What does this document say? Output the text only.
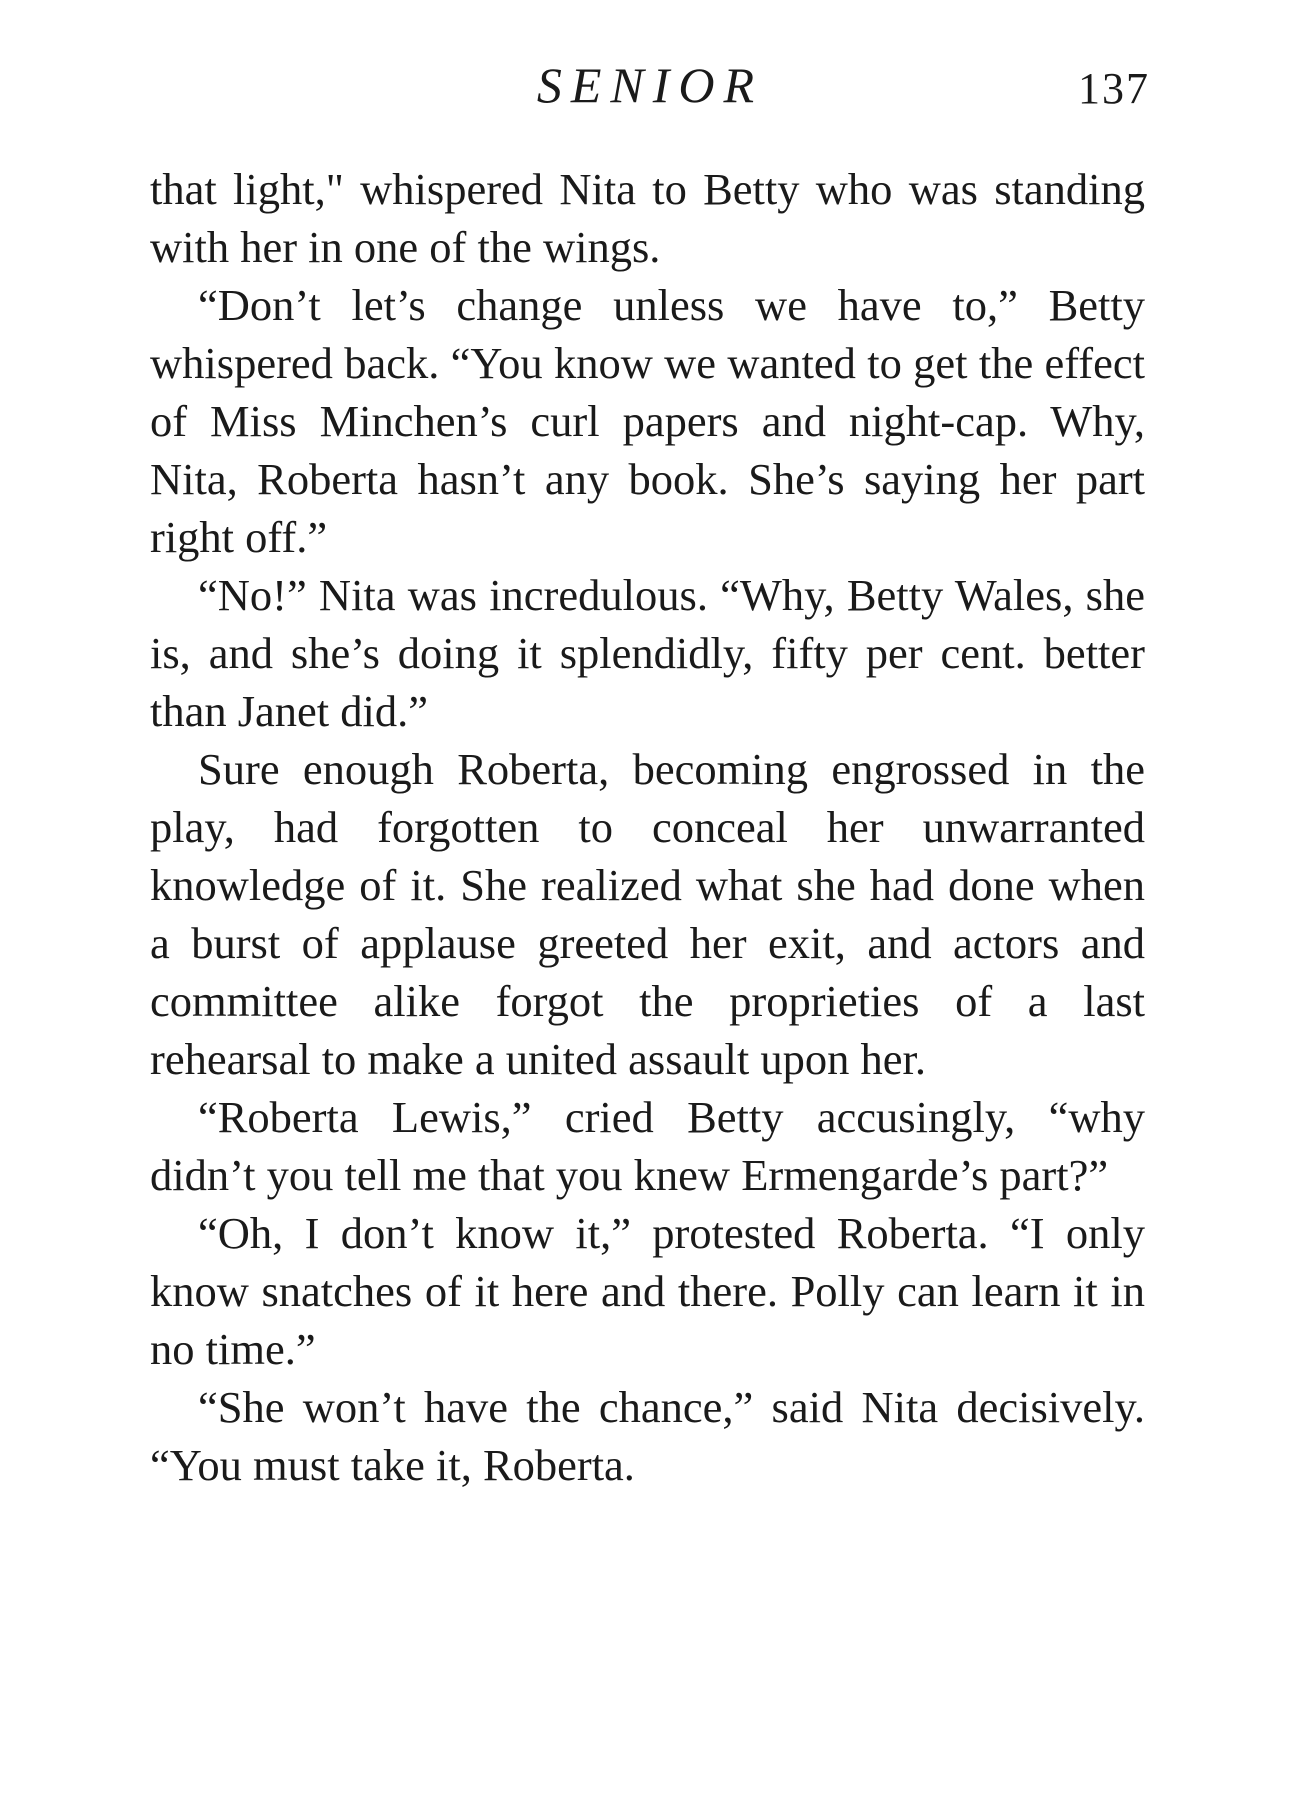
SENIOR	137

that light," whispered Nita to Betty who was standing with her in one of the wings.

“Don’t let’s change unless we have to,” Betty whispered back. “You know we wanted to get the effect of Miss Minchen’s curl papers and night-cap. Why, Nita, Roberta hasn’t any book. She’s saying her part right off.”

“No!” Nita was incredulous. “Why, Betty Wales, she is, and she’s doing it splendidly, fifty per cent. better than Janet did.”

Sure enough Roberta, becoming engrossed in the play, had forgotten to conceal her unwarranted knowledge of it. She realized what she had done when a burst of applause greeted her exit, and actors and committee alike forgot the proprieties of a last rehearsal to make a united assault upon her.

“Roberta Lewis,” cried Betty accusingly, “why didn’t you tell me that you knew Ermengarde’s part?”

“Oh, I don’t know it,” protested Roberta. “I only know snatches of it here and there. Polly can learn it in no time.”

“She won’t have the chance,” said Nita decisively. “You must take it, Roberta.
